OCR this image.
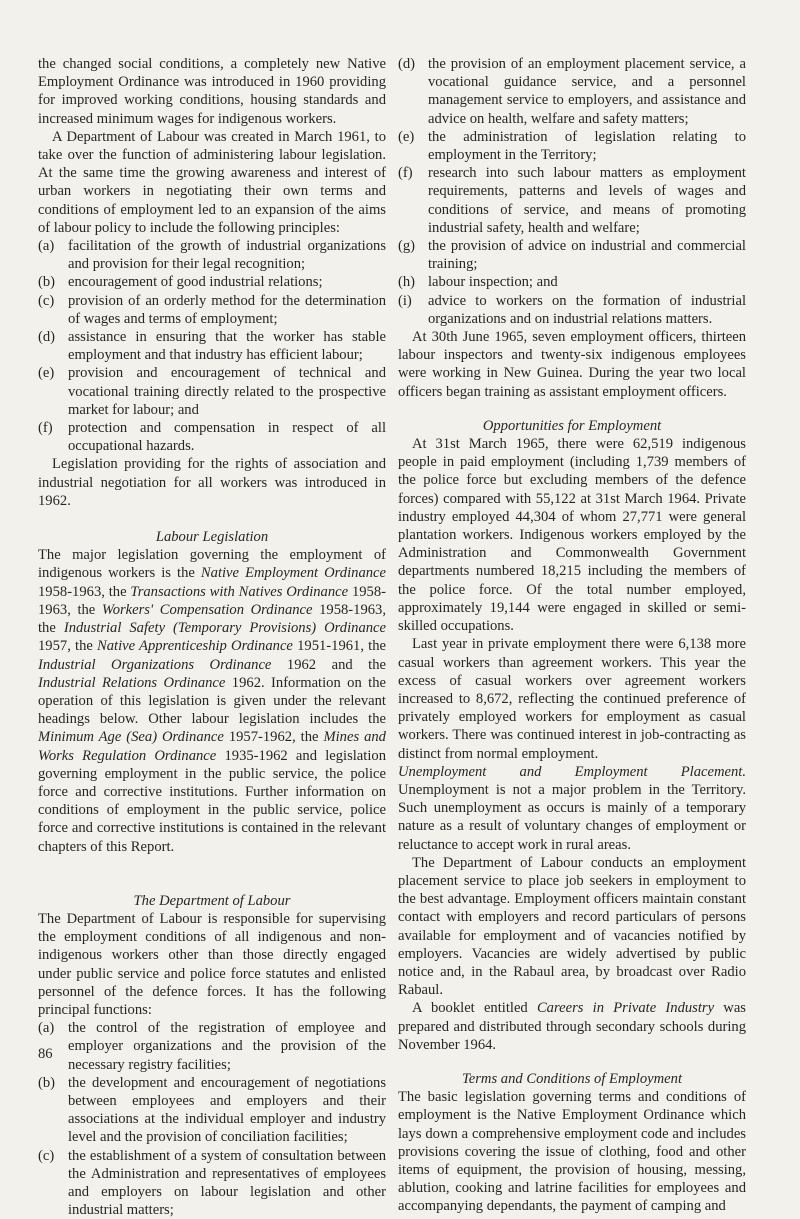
the changed social conditions, a completely new Native Employment Ordinance was introduced in 1960 providing for improved working conditions, housing standards and increased minimum wages for indigenous workers.

A Department of Labour was created in March 1961, to take over the function of administering labour legislation. At the same time the growing awareness and interest of urban workers in negotiating their own terms and conditions of employment led to an expansion of the aims of labour policy to include the following principles:

(a) facilitation of the growth of industrial organizations and provision for their legal recognition;
(b) encouragement of good industrial relations;
(c) provision of an orderly method for the determination of wages and terms of employment;
(d) assistance in ensuring that the worker has stable employment and that industry has efficient labour;
(e) provision and encouragement of technical and vocational training directly related to the prospective market for labour; and
(f)	protection and compensation in respect of all occupational hazards.

Legislation providing for the rights of association and industrial negotiation for all workers was introduced in 1962.

Labour Legislation

The major legislation governing the employment of indigenous workers is the Native Employment Ordinance 1958-1963, the Transactions with Natives Ordinance 1958-1963, the Workers' Compensation Ordinance 1958-1963, the Industrial Safety (Temporary Provisions) Ordinance 1957, the Native Apprenticeship Ordinance 1951-1961, the Industrial Organizations Ordinance 1962 and the Industrial Relations Ordinance 1962. Information on the operation of this legislation is given under the relevant headings below. Other labour legislation includes the Minimum Age (Sea) Ordinance 1957-1962, the Mines and Works Regulation Ordinance 1935-1962 and legislation governing employment in the public service, the police force and corrective institutions. Further information on conditions of employment in the public service, police force and corrective institutions is contained in the relevant chapters of this Report.

The Department of Labour

The Department of Labour is responsible for supervising the employment conditions of all indigenous and non-indigenous workers other than those directly engaged under public service and police force statutes and enlisted personnel of the defence forces. It has the following principal functions:

(a) the control of the registration of employee and employer organizations and the provision of the necessary registry facilities;
(b) the development and encouragement of negotiations between employees and employers and their associations at the individual employer and industry level and the provision of conciliation facilities;
(c) the establishment of a system of consultation between the Administration and representatives of employees and employers on labour legislation and other industrial matters;
(d) the provision of an employment placement service, a vocational guidance service, and a personnel management service to employers, and assistance and advice on health, welfare and safety matters;
(e) the administration of legislation relating to employment in the Territory;
(f)	research into such labour matters as employment requirements, patterns and levels of wages and conditions of service, and means of promoting industrial safety, health and welfare;
(g) the provision of advice on industrial and commercial training;
(h) labour inspection; and
(i)	advice to workers on the formation of industrial organizations and on industrial relations matters.

At 30th June 1965, seven employment officers, thirteen labour inspectors and twenty-six indigenous employees were working in New Guinea. During the year two local officers began training as assistant employment officers.

Opportunities for Employment

At 31st March 1965, there were 62,519 indigenous people in paid employment (including 1,739 members of the police force but excluding members of the defence forces) compared with 55,122 at 31st March 1964. Private industry employed 44,304 of whom 27,771 were general plantation workers. Indigenous workers employed by the Administration and Commonwealth Government departments numbered 18,215 including the members of the police force. Of the total number employed, approximately 19,144 were engaged in skilled or semi-skilled occupations.

Last year in private employment there were 6,138 more casual workers than agreement workers. This year the excess of casual workers over agreement workers increased to 8,672, reflecting the continued preference of privately employed workers for employment as casual workers. There was continued interest in job-contracting as distinct from normal employment.

Unemployment and Employment Placement. Unemployment is not a major problem in the Territory. Such unemployment as occurs is mainly of a temporary nature as a result of voluntary changes of employment or reluctance to accept work in rural areas.

The Department of Labour conducts an employment placement service to place job seekers in employment to the best advantage. Employment officers maintain constant contact with employers and record particulars of persons available for employment and of vacancies notified by employers. Vacancies are widely advertised by public notice and, in the Rabaul area, by broadcast over Radio Rabaul.

A booklet entitled Careers in Private Industry was prepared and distributed through secondary schools during November 1964.

Terms and Conditions of Employment

The basic legislation governing terms and conditions of employment is the Native Employment Ordinance which lays down a comprehensive employment code and includes provisions covering the issue of clothing, food and other items of equipment, the provision of housing, messing, ablution, cooking and latrine facilities for employees and accompanying dependants, the payment of camping and

86
